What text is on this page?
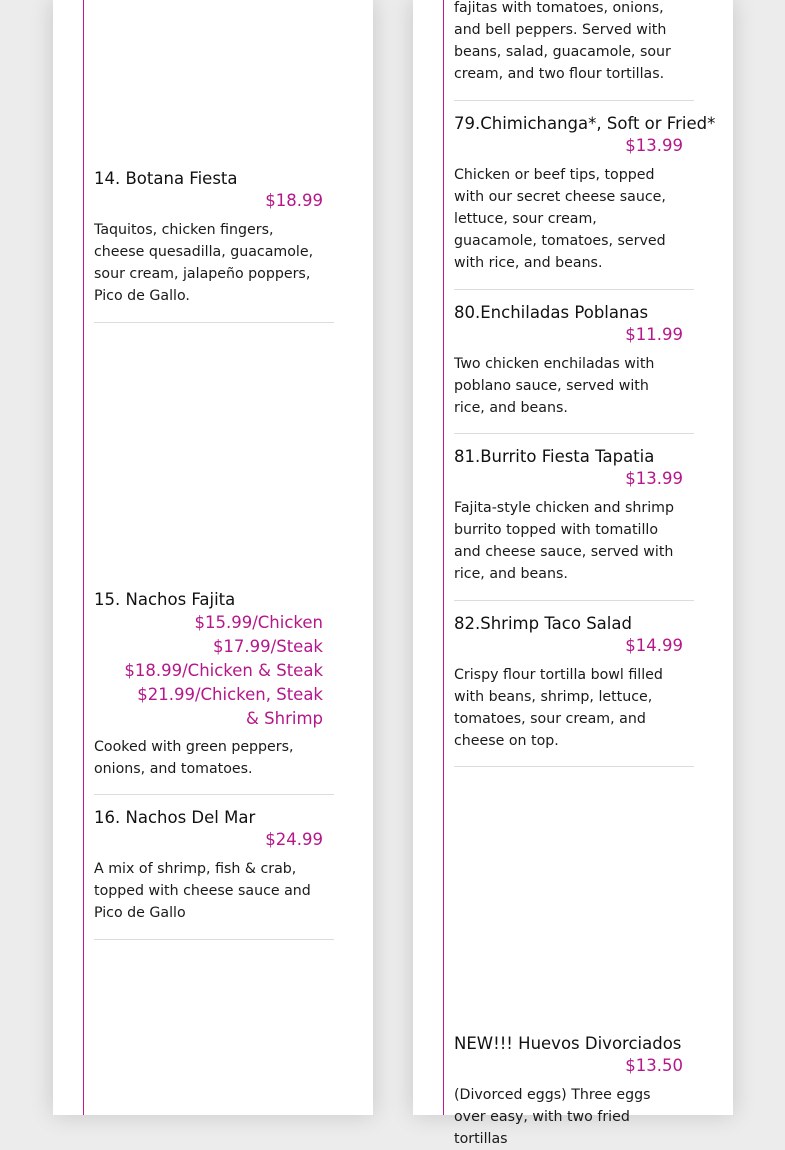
14. Botana Fiesta
$18.99
Taquitos, chicken fingers, cheese quesadilla, guacamole, sour cream, jalapeño poppers, Pico de Gallo.
15. Nachos Fajita
$15.99/Chicken
$17.99/Steak
$18.99/Chicken & Steak
$21.99/Chicken, Steak & Shrimp
Cooked with green peppers, onions, and tomatoes.
16. Nachos Del Mar
$24.99
A mix of shrimp, fish & crab, topped with cheese sauce and Pico de Gallo
fajitas with tomatoes, onions, and bell peppers. Served with beans, salad, guacamole, sour cream, and two flour tortillas.
79.Chimichanga*, Soft or Fried*
$13.99
Chicken or beef tips, topped with our secret cheese sauce, lettuce, sour cream, guacamole, tomatoes, served with rice, and beans.
80.Enchiladas Poblanas
$11.99
Two chicken enchiladas with poblano sauce, served with rice, and beans.
81.Burrito Fiesta Tapatia
$13.99
Fajita-style chicken and shrimp burrito topped with tomatillo and cheese sauce, served with rice, and beans.
82.Shrimp Taco Salad
$14.99
Crispy flour tortilla bowl filled with beans, shrimp, lettuce, tomatoes, sour cream, and cheese on top.
NEW!!! Huevos Divorciados
$13.50
(Divorced eggs) Three eggs over easy, with two fried tortillas
